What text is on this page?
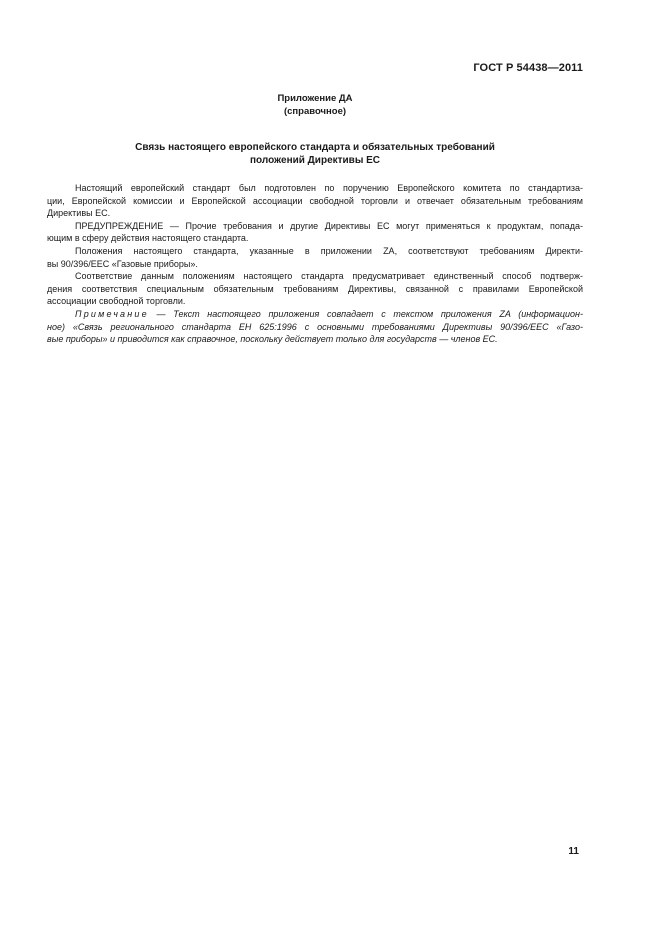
ГОСТ Р 54438—2011
Приложение ДА
(справочное)
Связь настоящего европейского стандарта и обязательных требований
положений Директивы ЕС

Настоящий европейский стандарт был подготовлен по поручению Европейского комитета по стандартиза-
ции, Европейской комиссии и Европейской ассоциации свободной торговли и отвечает обязательным требованиям
Директивы ЕС.

ПРЕДУПРЕЖДЕНИЕ — Прочие требования и другие Директивы ЕС могут применяться к продуктам, попада-
ющим в сферу действия настоящего стандарта.

Положения настоящего стандарта, указанные в приложении ZA, соответствуют требованиям Директи-
вы 90/396/EEC «Газовые приборы».

Соответствие данным положениям настоящего стандарта предусматривает единственный способ подтверж-
дения соответствия специальным обязательным требованиям Директивы, связанной с правилами Европейской
ассоциации свободной торговли.

Примечание — Текст настоящего приложения совпадает с текстом приложения ZA (информацион-
ное) «Связь регионального стандарта ЕН 625:1996 с основными требованиями Директивы 90/396/ЕЕС «Газо-
вые приборы» и приводится как справочное, поскольку действует только для государств — членов ЕС.
11
